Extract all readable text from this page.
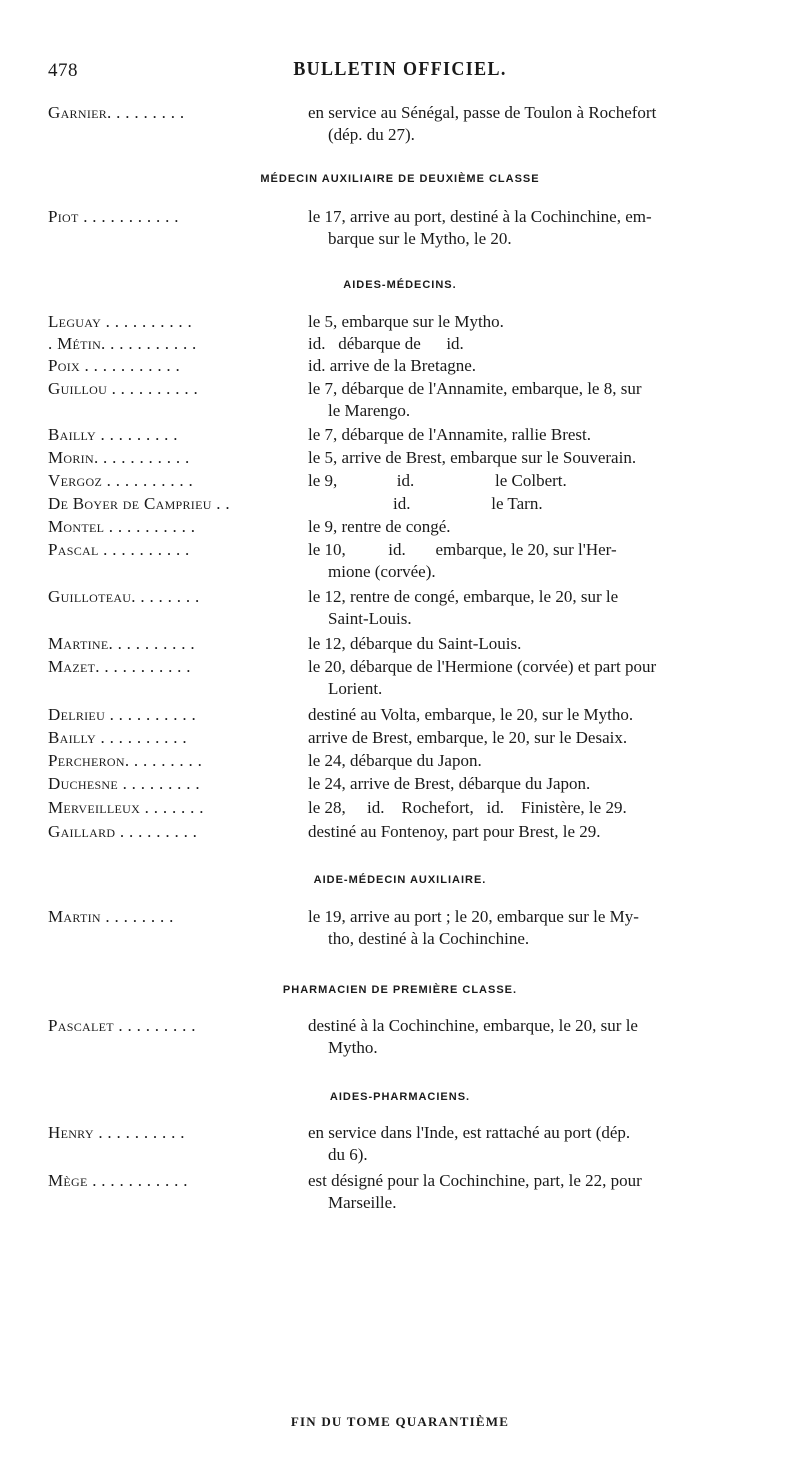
478	BULLETIN OFFICIEL.
Garnier. . . . . . . . .	en service au Sénégal, passe de Toulon à Rochefort
(dép. du 27).
MÉDECIN AUXILIAIRE DE DEUXIÈME CLASSE
Piot . . . . . . . . . . .	le 17, arrive au port, destiné à la Cochinchine, em-
barque sur le Mytho, le 20.
AIDES-MÉDECINS.
Leguay . . . . . . . . . .	le 5, embarque sur le Mytho.
. Métin. . . . . . . . . . .	id.   débarque de      id.
Poix . . . . . . . . . . .	id. arrive de la Bretagne.
Guillou . . . . . . . . . .	le 7, débarque de l'Annamite, embarque, le 8, sur
le Marengo.
Bailly . . . . . . . . .	le 7, débarque de l'Annamite, rallie Brest.
Morin. . . . . . . . . . .	le 5, arrive de Brest, embarque sur le Souverain.
Vergoz . . . . . . . . . .	le 9,              id.                   le Colbert.
De Boyer de Camprieu . .	id.                   le Tarn.
Montel . . . . . . . . . .	le 9, rentre de congé.
Pascal . . . . . . . . . .	le 10,          id.       embarque, le 20, sur l'Her-
mione (corvée).
Guilloteau. . . . . . . .	le 12, rentre de congé, embarque, le 20, sur le
Saint-Louis.
Martine. . . . . . . . . .	le 12, débarque du Saint-Louis.
Mazet. . . . . . . . . . .	le 20, débarque de l'Hermione (corvée) et part pour
Lorient.
Delrieu . . . . . . . . . .	destiné au Volta, embarque, le 20, sur le Mytho.
Bailly . . . . . . . . . .	arrive de Brest, embarque, le 20, sur le Desaix.
Percheron. . . . . . . . .	le 24, débarque du Japon.
Duchesne . . . . . . . . .	le 24, arrive de Brest, débarque du Japon.
Merveilleux . . . . . . .	le 28,     id.    Rochefort,   id.    Finistère, le 29.
Gaillard . . . . . . . . .	destiné au Fontenoy, part pour Brest, le 29.
AIDE-MÉDECIN AUXILIAIRE.
Martin . . . . . . . .	le 19, arrive au port ; le 20, embarque sur le My-
tho, destiné à la Cochinchine.
PHARMACIEN DE PREMIÈRE CLASSE.
Pascalet . . . . . . . . .	destiné à la Cochinchine, embarque, le 20, sur le
Mytho.
AIDES-PHARMACIENS.
Henry . . . . . . . . . .	en service dans l'Inde, est rattaché au port (dép.
du 6).
Mège . . . . . . . . . . .	est désigné pour la Cochinchine, part, le 22, pour
Marseille.
FIN DU TOME QUARANTIÈME
